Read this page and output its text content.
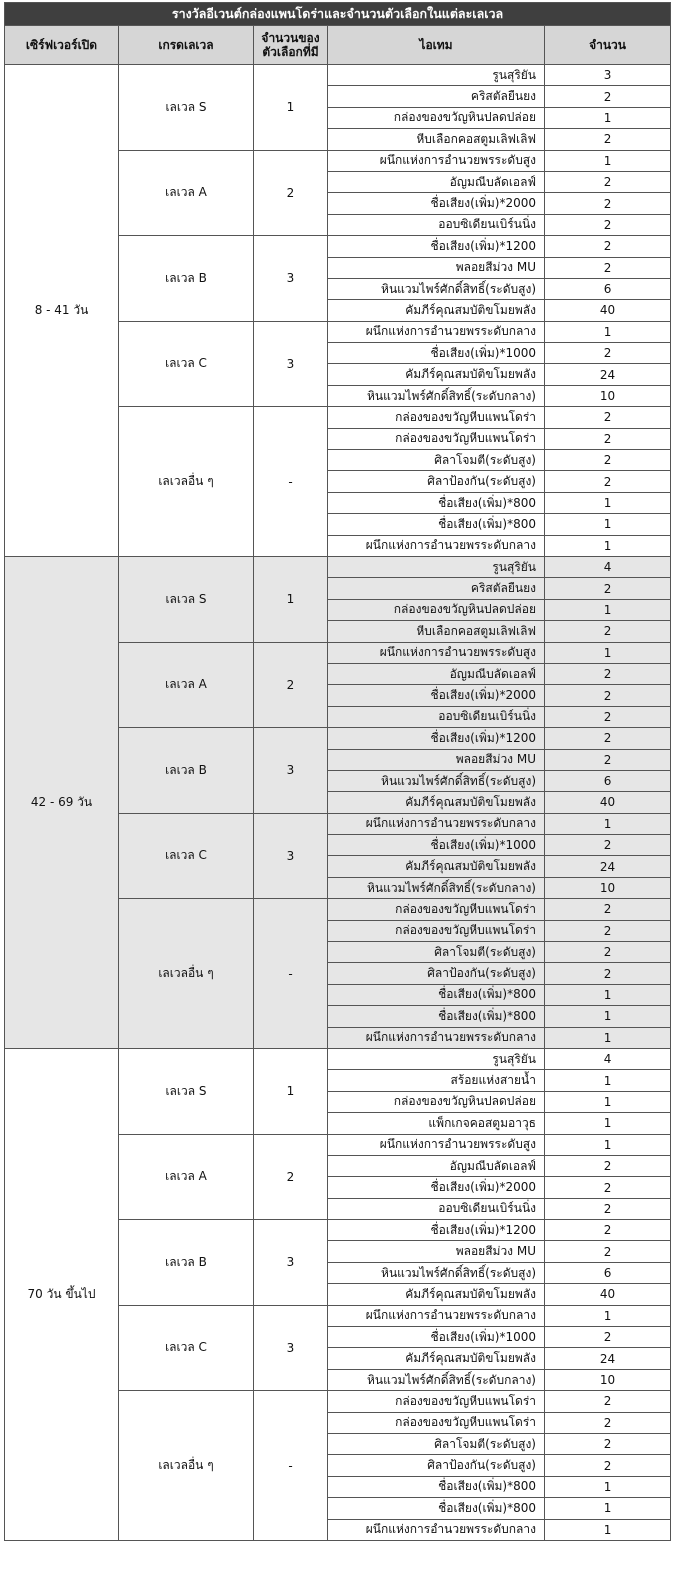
รางวัลอีเวนต์กล่องแพนโดร่าและจำนวนตัวเลือกในแต่ละเลเวล				
เซิร์ฟเวอร์เปิด	เกรดเลเวล	จำนวนของตัวเลือกที่มี	ไอเทม	จำนวน
8 - 41 วัน	เลเวล S	1	รูนสุริยัน	3
			คริสตัลยืนยง	2
			กล่องของขวัญหินปลดปล่อย	1
			หีบเลือกคอสตูมเลิฟเลิฟ	2
	เลเวล A	2	ผนึกแห่งการอำนวยพรระดับสูง	1
			อัญมณีบลัดเอลฟ์	2
			ชื่อเสียง(เพิ่ม)*2000	2
			ออบซิเดียนเบิร์นนิ่ง	2
	เลเวล B	3	ชื่อเสียง(เพิ่ม)*1200	2
			พลอยสีม่วง MU	2
			หินแวมไพร์ศักดิ์สิทธิ์(ระดับสูง)	6
			คัมภีร์คุณสมบัติขโมยพลัง	40
	เลเวล C	3	ผนึกแห่งการอำนวยพรระดับกลาง	1
			ชื่อเสียง(เพิ่ม)*1000	2
			คัมภีร์คุณสมบัติขโมยพลัง	24
			หินแวมไพร์ศักดิ์สิทธิ์(ระดับกลาง)	10
	เลเวลอื่น ๆ	-	กล่องของขวัญหีบแพนโดร่า	2
			กล่องของขวัญหีบแพนโดร่า	2
			ศิลาโจมตี(ระดับสูง)	2
			ศิลาป้องกัน(ระดับสูง)	2
			ชื่อเสียง(เพิ่ม)*800	1
			ชื่อเสียง(เพิ่ม)*800	1
			ผนึกแห่งการอำนวยพรระดับกลาง	1
42 - 69 วัน	เลเวล S	1	รูนสุริยัน	4
			คริสตัลยืนยง	2
			กล่องของขวัญหินปลดปล่อย	1
			หีบเลือกคอสตูมเลิฟเลิฟ	2
	เลเวล A	2	ผนึกแห่งการอำนวยพรระดับสูง	1
			อัญมณีบลัดเอลฟ์	2
			ชื่อเสียง(เพิ่ม)*2000	2
			ออบซิเดียนเบิร์นนิ่ง	2
	เลเวล B	3	ชื่อเสียง(เพิ่ม)*1200	2
			พลอยสีม่วง MU	2
			หินแวมไพร์ศักดิ์สิทธิ์(ระดับสูง)	6
			คัมภีร์คุณสมบัติขโมยพลัง	40
	เลเวล C	3	ผนึกแห่งการอำนวยพรระดับกลาง	1
			ชื่อเสียง(เพิ่ม)*1000	2
			คัมภีร์คุณสมบัติขโมยพลัง	24
			หินแวมไพร์ศักดิ์สิทธิ์(ระดับกลาง)	10
	เลเวลอื่น ๆ	-	กล่องของขวัญหีบแพนโดร่า	2
			กล่องของขวัญหีบแพนโดร่า	2
			ศิลาโจมตี(ระดับสูง)	2
			ศิลาป้องกัน(ระดับสูง)	2
			ชื่อเสียง(เพิ่ม)*800	1
			ชื่อเสียง(เพิ่ม)*800	1
			ผนึกแห่งการอำนวยพรระดับกลาง	1
70 วัน ขึ้นไป	เลเวล S	1	รูนสุริยัน	4
			สร้อยแห่งสายน้ำ	1
			กล่องของขวัญหินปลดปล่อย	1
			แพ็กเกจคอสตูมอาวุธ	1
	เลเวล A	2	ผนึกแห่งการอำนวยพรระดับสูง	1
			อัญมณีบลัดเอลฟ์	2
			ชื่อเสียง(เพิ่ม)*2000	2
			ออบซิเดียนเบิร์นนิ่ง	2
	เลเวล B	3	ชื่อเสียง(เพิ่ม)*1200	2
			พลอยสีม่วง MU	2
			หินแวมไพร์ศักดิ์สิทธิ์(ระดับสูง)	6
			คัมภีร์คุณสมบัติขโมยพลัง	40
	เลเวล C	3	ผนึกแห่งการอำนวยพรระดับกลาง	1
			ชื่อเสียง(เพิ่ม)*1000	2
			คัมภีร์คุณสมบัติขโมยพลัง	24
			หินแวมไพร์ศักดิ์สิทธิ์(ระดับกลาง)	10
	เลเวลอื่น ๆ	-	กล่องของขวัญหีบแพนโดร่า	2
			กล่องของขวัญหีบแพนโดร่า	2
			ศิลาโจมตี(ระดับสูง)	2
			ศิลาป้องกัน(ระดับสูง)	2
			ชื่อเสียง(เพิ่ม)*800	1
			ชื่อเสียง(เพิ่ม)*800	1
			ผนึกแห่งการอำนวยพรระดับกลาง	1
